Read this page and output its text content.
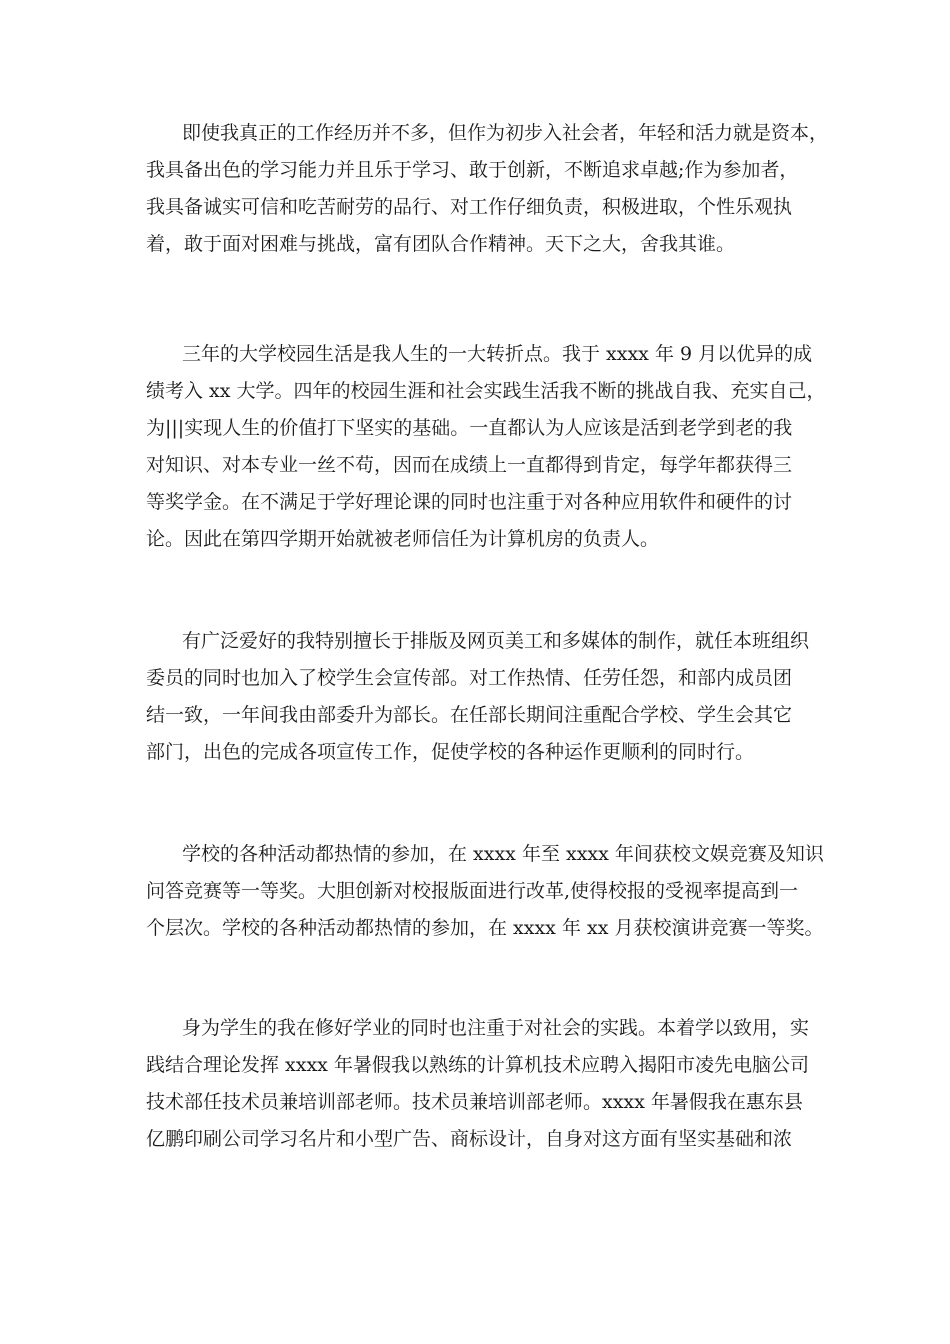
即使我真正的工作经历并不多，但作为初步入社会者，年轻和活力就是资本，
我具备出色的学习能力并且乐于学习、敢于创新，不断追求卓越;作为参加者，
我具备诚实可信和吃苦耐劳的品行、对工作仔细负责，积极进取，个性乐观执
着，敢于面对困难与挑战，富有团队合作精神。天下之大，舍我其谁。
三年的大学校园生活是我人生的一大转折点。我于 xxxx 年 9 月以优异的成
绩考入 xx 大学。四年的校园生涯和社会实践生活我不断的挑战自我、充实自己，
为|||实现人生的价值打下坚实的基础。一直都认为人应该是活到老学到老的我
对知识、对本专业一丝不苟，因而在成绩上一直都得到肯定，每学年都获得三
等奖学金。在不满足于学好理论课的同时也注重于对各种应用软件和硬件的讨
论。因此在第四学期开始就被老师信任为计算机房的负责人。
有广泛爱好的我特别擅长于排版及网页美工和多媒体的制作，就任本班组织
委员的同时也加入了校学生会宣传部。对工作热情、任劳任怨，和部内成员团
结一致，一年间我由部委升为部长。在任部长期间注重配合学校、学生会其它
部门，出色的完成各项宣传工作，促使学校的各种运作更顺利的同时行。
学校的各种活动都热情的参加，在 xxxx 年至 xxxx 年间获校文娱竞赛及知识
问答竞赛等一等奖。大胆创新对校报版面进行改革,使得校报的受视率提高到一
个层次。学校的各种活动都热情的参加，在 xxxx 年 xx 月获校演讲竞赛一等奖。
身为学生的我在修好学业的同时也注重于对社会的实践。本着学以致用，实
践结合理论发挥 xxxx 年暑假我以熟练的计算机技术应聘入揭阳市凌先电脑公司
技术部任技术员兼培训部老师。技术员兼培训部老师。xxxx 年暑假我在惠东县
亿鹏印刷公司学习名片和小型广告、商标设计，自身对这方面有坚实基础和浓
